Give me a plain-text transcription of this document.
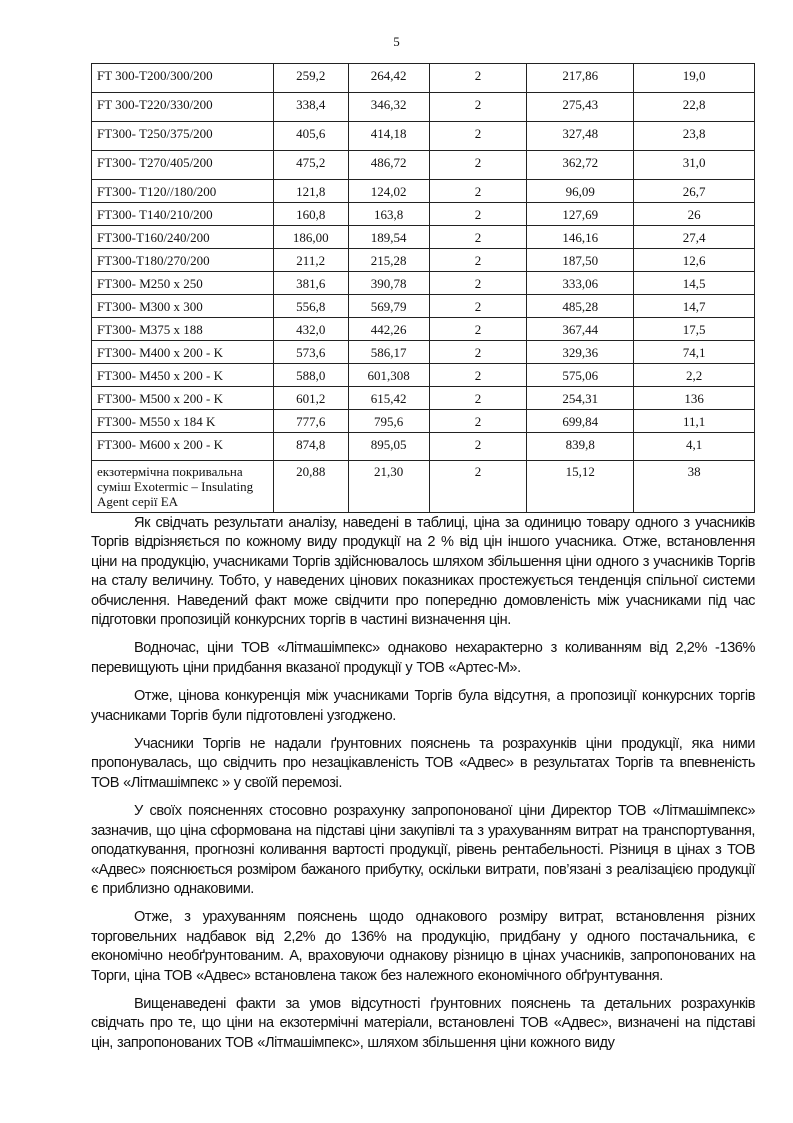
5
FT 300-T200/300/200	259,2	264,42	2	217,86	19,0
FT 300-T220/330/200	338,4	346,32	2	275,43	22,8
FT300- T250/375/200	405,6	414,18	2	327,48	23,8
FT300- T270/405/200	475,2	486,72	2	362,72	31,0
FT300- T120//180/200	121,8	124,02	2	96,09	26,7
FT300- T140/210/200	160,8	163,8	2	127,69	26
FT300-T160/240/200	186,00	189,54	2	146,16	27,4
FT300-T180/270/200	211,2	215,28	2	187,50	12,6
FT300- M250 x 250	381,6	390,78	2	333,06	14,5
FT300- M300 x 300	556,8	569,79	2	485,28	14,7
FT300- M375 x 188	432,0	442,26	2	367,44	17,5
FT300- M400 x 200 - K	573,6	586,17	2	329,36	74,1
FT300- M450 x 200 - K	588,0	601,308	2	575,06	2,2
FT300- M500 x 200 - K	601,2	615,42	2	254,31	136
FT300- M550 x 184 K	777,6	795,6	2	699,84	11,1
FT300- M600 x 200 - K	874,8	895,05	2	839,8	4,1
екзотермічна покривальна суміш Exotermic – Insulating Agent серії EA	20,88	21,30	2	15,12	38

Як свідчать результати аналізу, наведені в таблиці, ціна за одиницю товару одного з учасників Торгів відрізняється по кожному виду продукції на 2 % від цін іншого учасника. Отже, встановлення ціни на продукцію, учасниками Торгів здійснювалось шляхом збільшення ціни одного з учасників Торгів на сталу величину. Тобто, у наведених цінових показниках простежується тенденція спільної системи обчислення. Наведений факт може свідчити про попередню домовленість між учасниками під час підготовки пропозицій конкурсних торгів в частині визначення цін.

Водночас, ціни ТОВ «Літмашімпекс» однаково нехарактерно з коливанням від 2,2% -136% перевищують ціни придбання вказаної продукції у ТОВ «Артес-М».

Отже, цінова конкуренція між учасниками Торгів була відсутня, а пропозиції конкурсних торгів учасниками Торгів були підготовлені узгоджено.

Учасники Торгів не надали ґрунтовних пояснень та розрахунків ціни продукції, яка ними пропонувалась, що свідчить про незацікавленість ТОВ «Адвес» в результатах Торгів та впевненість ТОВ «Літмашімпекс » у своїй перемозі.

У своїх поясненнях стосовно розрахунку запропонованої ціни Директор ТОВ «Літмашімпекс» зазначив, що ціна сформована на підставі ціни закупівлі та з урахуванням витрат на транспортування, оподаткування, прогнозні коливання вартості продукції, рівень рентабельності. Різниця в цінах з ТОВ «Адвес» пояснюється розміром бажаного прибутку, оскільки витрати, пов’язані з реалізацією продукції є приблизно однаковими.

Отже, з урахуванням пояснень щодо однакового розміру витрат, встановлення різних торговельних надбавок від 2,2% до 136% на продукцію, придбану у одного постачальника, є економічно необґрунтованим. А, враховуючи однакову різницю в цінах учасників, запропонованих на Торги, ціна ТОВ «Адвес» встановлена також без належного економічного обґрунтування.

Вищенаведені факти за умов відсутності ґрунтовних пояснень та детальних розрахунків свідчать про те, що ціни на екзотермічні матеріали, встановлені ТОВ «Адвес», визначені на підставі цін, запропонованих ТОВ «Літмашімпекс», шляхом збільшення ціни кожного виду
